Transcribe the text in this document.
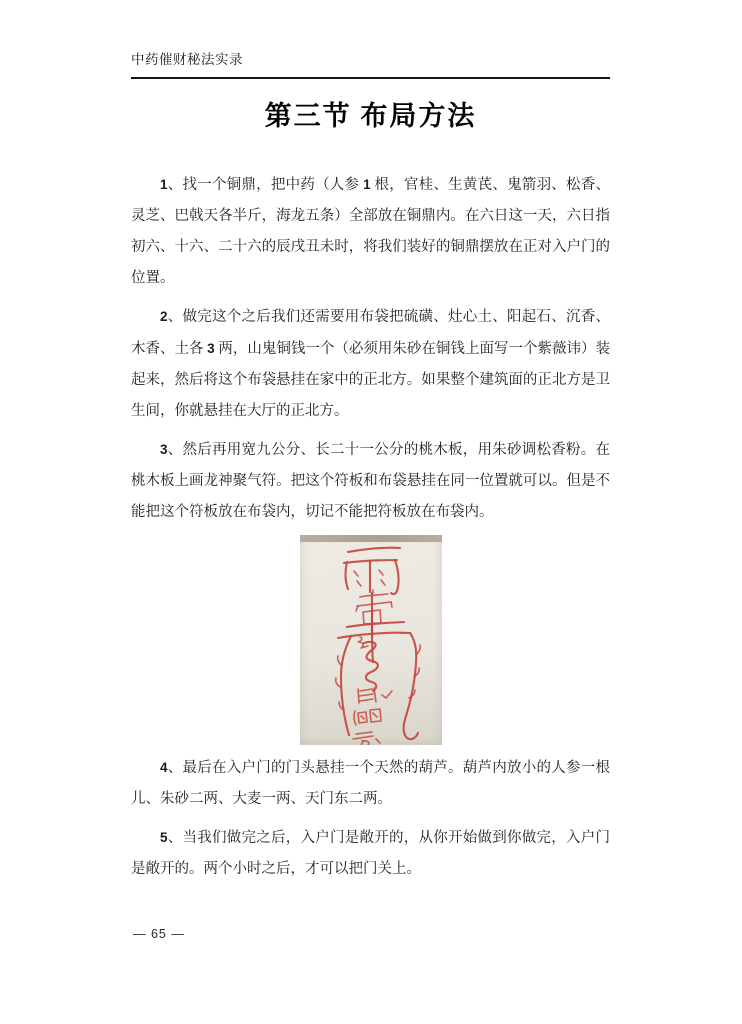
中药催财秘法实录
第三节 布局方法

1、找一个铜鼎，把中药（人参 1 根，官桂、生黄芪、鬼箭羽、松香、灵芝、巴戟天各半斤，海龙五条）全部放在铜鼎内。在六日这一天，六日指初六、十六、二十六的辰戌丑未时，将我们装好的铜鼎摆放在正对入户门的位置。

2、做完这个之后我们还需要用布袋把硫磺、灶心土、阳起石、沉香、木香、土各 3 两，山鬼铜钱一个（必须用朱砂在铜钱上面写一个紫薇讳）装起来，然后将这个布袋悬挂在家中的正北方。如果整个建筑面的正北方是卫生间，你就悬挂在大厅的正北方。

3、然后再用宽九公分、长二十一公分的桃木板，用朱砂调松香粉。在桃木板上画龙神聚气符。把这个符板和布袋悬挂在同一位置就可以。但是不能把这个符板放在布袋内，切记不能把符板放在布袋内。

4、最后在入户门的门头悬挂一个天然的葫芦。葫芦内放小的人参一根儿、朱砂二两、大麦一两、天门东二两。

5、当我们做完之后，入户门是敞开的，从你开始做到你做完，入户门是敞开的。两个小时之后，才可以把门关上。

— 65 —
